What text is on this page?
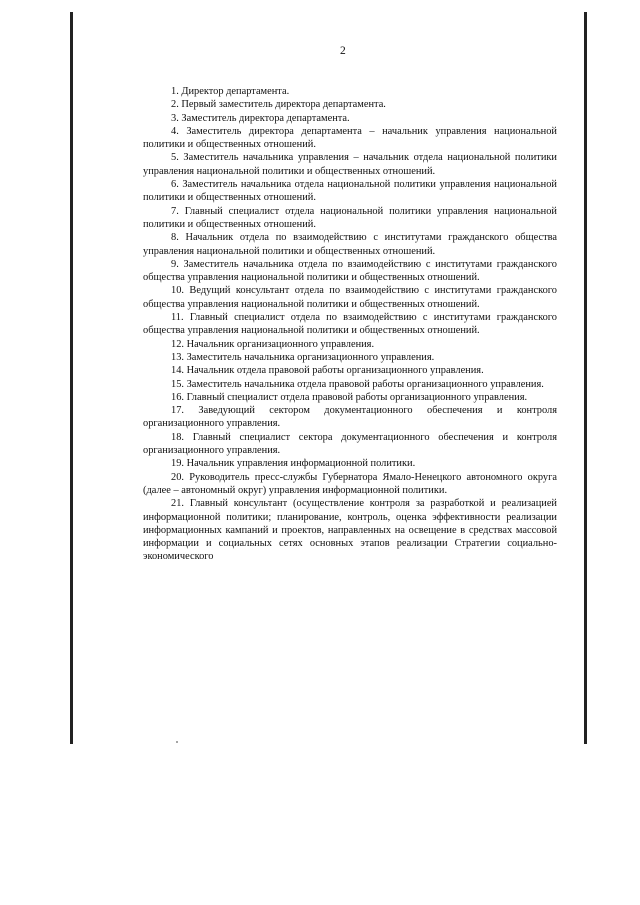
2

1. Директор департамента.

2. Первый заместитель директора департамента.

3. Заместитель директора департамента.

4. Заместитель директора департамента – начальник управления национальной политики и общественных отношений.

5. Заместитель начальника управления – начальник отдела национальной политики управления национальной политики и общественных отношений.

6. Заместитель начальника отдела национальной политики управления национальной политики и общественных отношений.

7. Главный специалист отдела национальной политики управления национальной политики и общественных отношений.

8. Начальник отдела по взаимодействию с институтами гражданского общества управления национальной политики и общественных отношений.

9. Заместитель начальника отдела по взаимодействию с институтами гражданского общества управления национальной политики и общественных отношений.

10. Ведущий консультант отдела по взаимодействию с институтами гражданского общества управления национальной политики и общественных отношений.

11. Главный специалист отдела по взаимодействию с институтами гражданского общества управления национальной политики и общественных отношений.

12. Начальник организационного управления.

13. Заместитель начальника организационного управления.

14. Начальник отдела правовой работы организационного управления.

15. Заместитель начальника отдела правовой работы организационного управления.

16. Главный специалист отдела правовой работы организационного управления.

17. Заведующий сектором документационного обеспечения и контроля организационного управления.

18. Главный специалист сектора документационного обеспечения и контроля организационного управления.

19. Начальник управления информационной политики.

20. Руководитель пресс-службы Губернатора Ямало-Ненецкого автономного округа (далее – автономный округ) управления информационной политики.

21. Главный консультант (осуществление контроля за разработкой и реализацией информационной политики; планирование, контроль, оценка эффективности реализации информационных кампаний и проектов, направленных на освещение в средствах массовой информации и социальных сетях основных этапов реализации Стратегии социально-экономического
